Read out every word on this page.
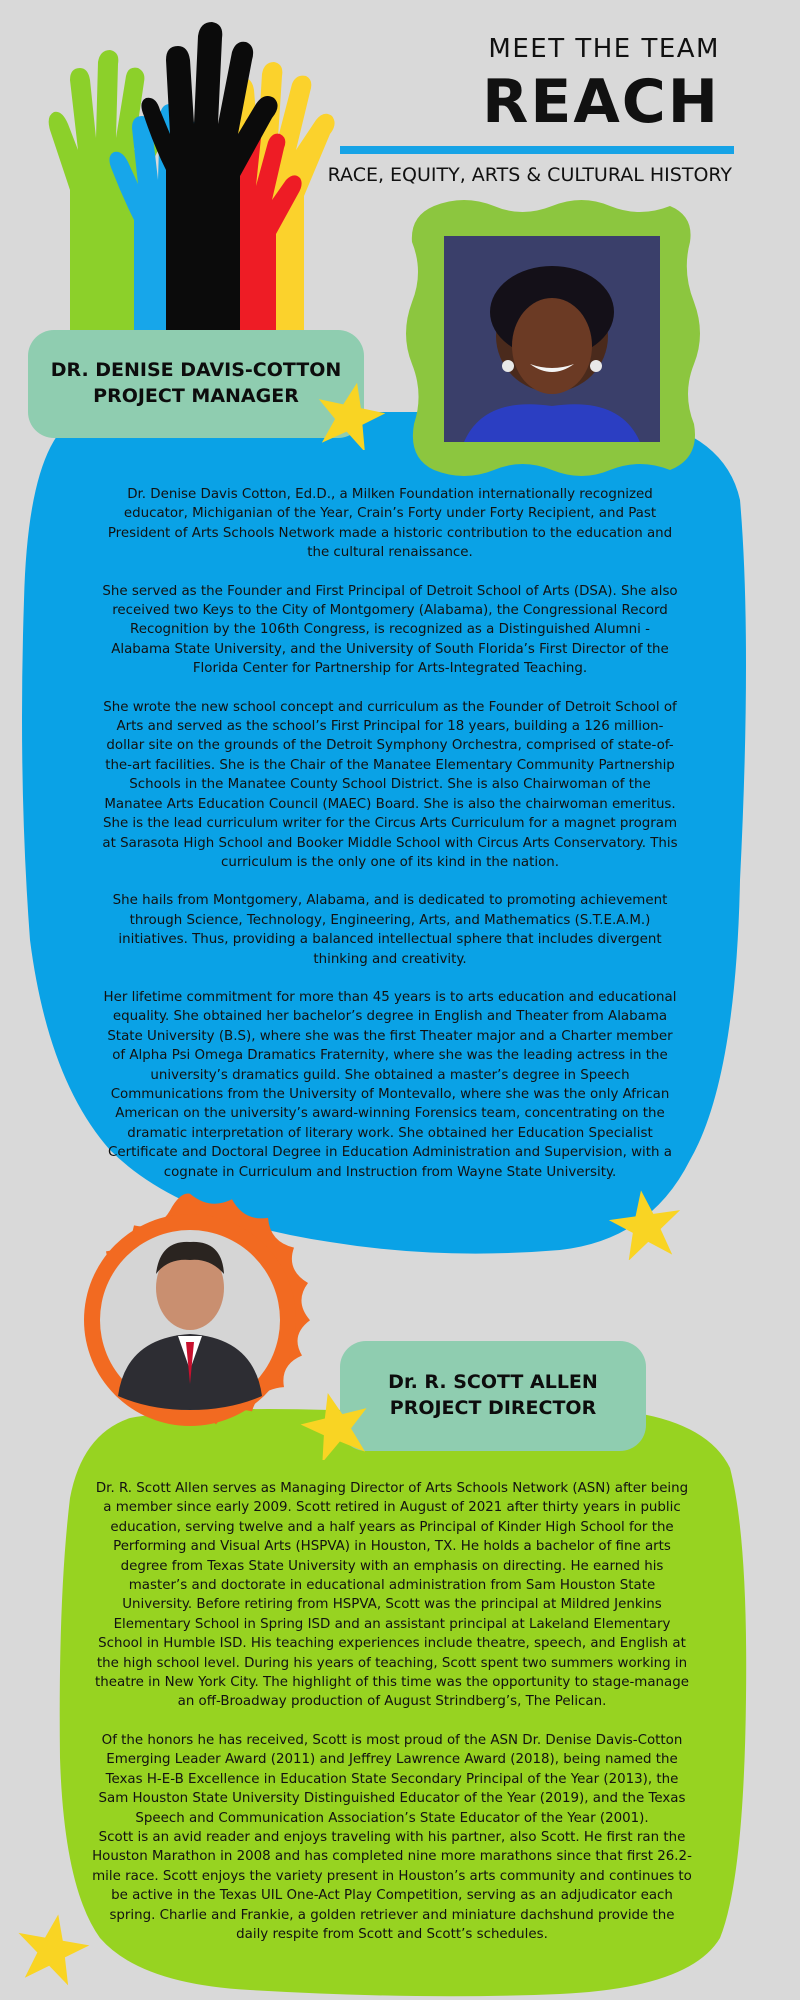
MEET THE TEAM
REACH
RACE, EQUITY, ARTS & CULTURAL HISTORY
DR. DENISE DAVIS-COTTON
PROJECT MANAGER

Dr. Denise Davis Cotton, Ed.D., a Milken Foundation internationally recognized educator, Michiganian of the Year, Crain’s Forty under Forty Recipient, and Past President of Arts Schools Network made a historic contribution to the education and the cultural renaissance.

She served as the Founder and First Principal of Detroit School of Arts (DSA). She also received two Keys to the City of Montgomery (Alabama), the Congressional Record Recognition by the 106th Congress, is recognized as a Distinguished Alumni - Alabama State University, and the University of South Florida’s First Director of the Florida Center for Partnership for Arts-Integrated Teaching.

She wrote the new school concept and curriculum as the Founder of Detroit School of Arts and served as the school’s First Principal for 18 years, building a 126 million-dollar site on the grounds of the Detroit Symphony Orchestra, comprised of state-of-the-art facilities. She is the Chair of the Manatee Elementary Community Partnership Schools in the Manatee County School District. She is also Chairwoman of the Manatee Arts Education Council (MAEC) Board. She is also the chairwoman emeritus. She is the lead curriculum writer for the Circus Arts Curriculum for a magnet program at Sarasota High School and Booker Middle School with Circus Arts Conservatory. This curriculum is the only one of its kind in the nation.

She hails from Montgomery, Alabama, and is dedicated to promoting achievement through Science, Technology, Engineering, Arts, and Mathematics (S.T.E.A.M.) initiatives. Thus, providing a balanced intellectual sphere that includes divergent thinking and creativity.

Her lifetime commitment for more than 45 years is to arts education and educational equality. She obtained her bachelor’s degree in English and Theater from Alabama State University (B.S), where she was the first Theater major and a Charter member of Alpha Psi Omega Dramatics Fraternity, where she was the leading actress in the university’s dramatics guild. She obtained a master’s degree in Speech Communications from the University of Montevallo, where she was the only African American on the university’s award-winning Forensics team, concentrating on the dramatic interpretation of literary work. She obtained her Education Specialist Certificate and Doctoral Degree in Education Administration and Supervision, with a cognate in Curriculum and Instruction from Wayne State University.

Dr. R. SCOTT ALLEN
PROJECT DIRECTOR

Dr. R. Scott Allen serves as Managing Director of Arts Schools Network (ASN) after being a member since early 2009. Scott retired in August of 2021 after thirty years in public education, serving twelve and a half years as Principal of Kinder High School for the Performing and Visual Arts (HSPVA) in Houston, TX. He holds a bachelor of fine arts degree from Texas State University with an emphasis on directing. He earned his master’s and doctorate in educational administration from Sam Houston State University. Before retiring from HSPVA, Scott was the principal at Mildred Jenkins Elementary School in Spring ISD and an assistant principal at Lakeland Elementary School in Humble ISD. His teaching experiences include theatre, speech, and English at the high school level. During his years of teaching, Scott spent two summers working in theatre in New York City. The highlight of this time was the opportunity to stage-manage an off-Broadway production of August Strindberg’s, The Pelican.

Of the honors he has received, Scott is most proud of the ASN Dr. Denise Davis-Cotton Emerging Leader Award (2011) and Jeffrey Lawrence Award (2018), being named the Texas H-E-B Excellence in Education State Secondary Principal of the Year (2013), the Sam Houston State University Distinguished Educator of the Year (2019), and the Texas Speech and Communication Association’s State Educator of the Year (2001).

Scott is an avid reader and enjoys traveling with his partner, also Scott. He first ran the Houston Marathon in 2008 and has completed nine more marathons since that first 26.2-mile race. Scott enjoys the variety present in Houston’s arts community and continues to be active in the Texas UIL One-Act Play Competition, serving as an adjudicator each spring. Charlie and Frankie, a golden retriever and miniature dachshund provide the daily respite from Scott and Scott’s schedules.
